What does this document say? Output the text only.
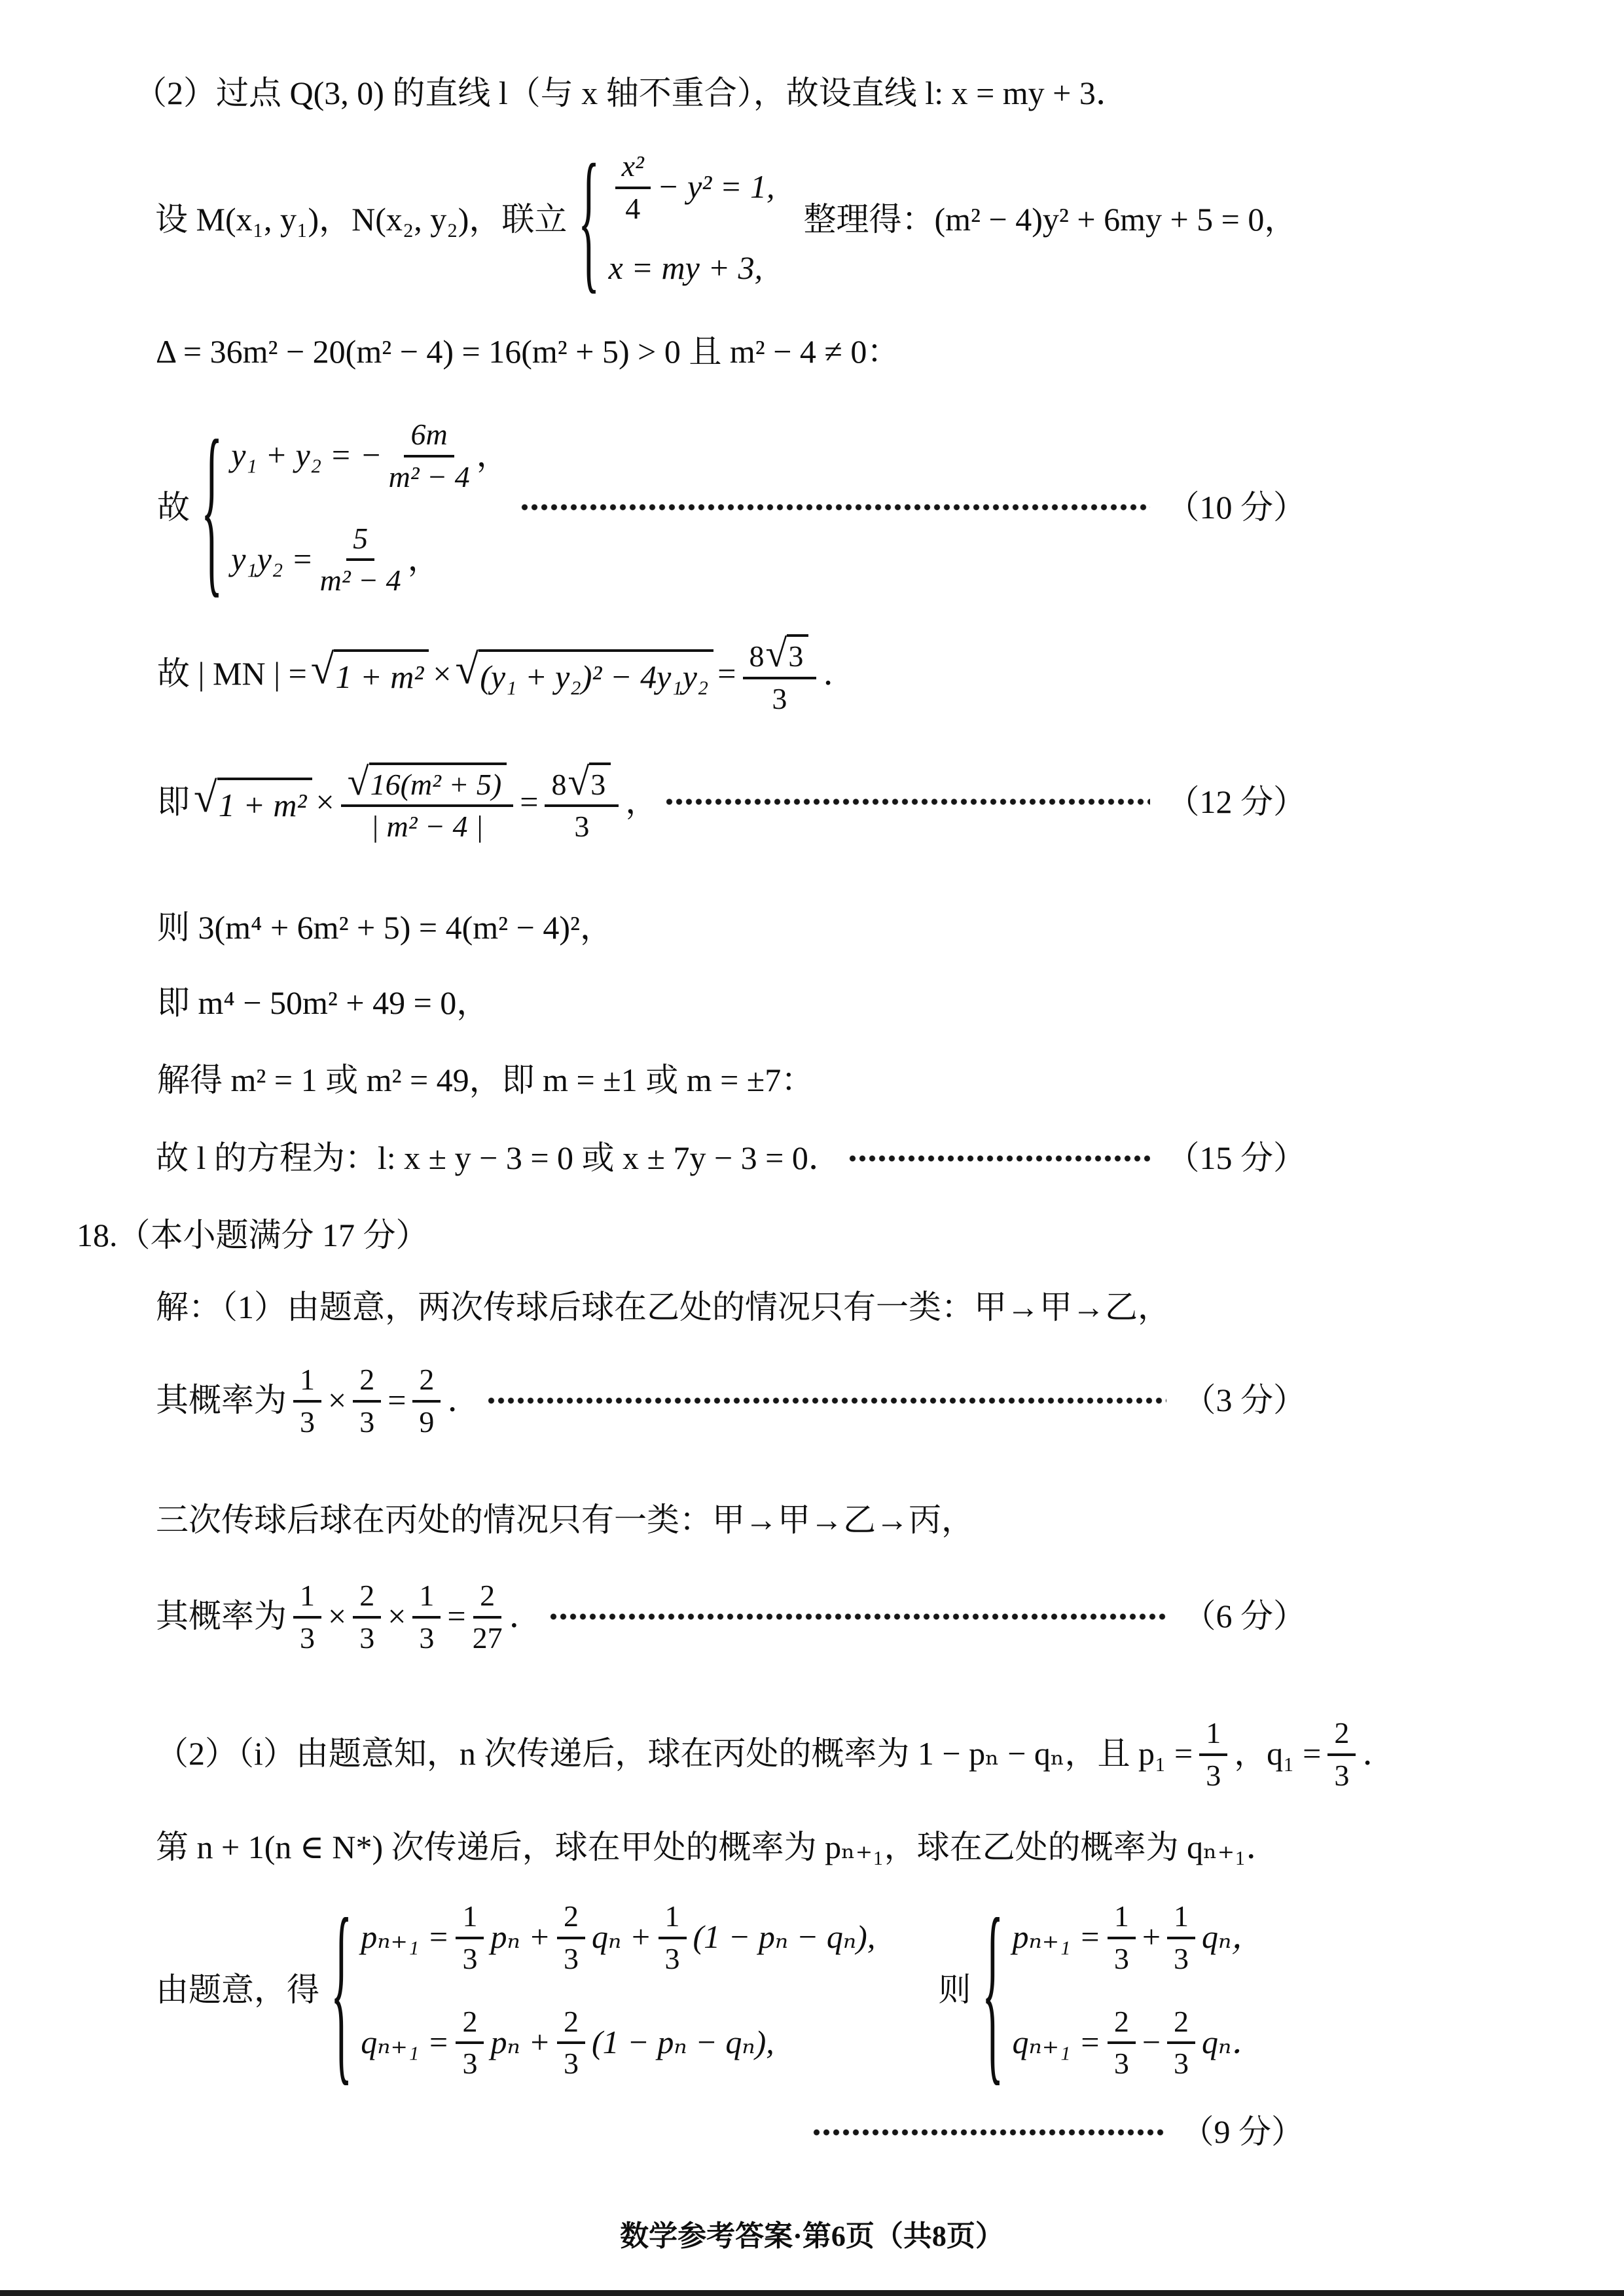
（2）过点 Q(3, 0) 的直线 l（与 x 轴不重合），故设直线 l: x = my + 3．
设 M(x₁, y₁)，N(x₂, y₂)，联立 { $\frac{\text{x²}}{4} - y^2 = 1$,
x = my + 3,
整理得：(m² − 4)y² + 6my + 5 = 0，
Δ = 36m² − 20(m² − 4) = 16(m² + 5) > 0 且 m² − 4 ≠ 0：
故 { y₁ + y₂ = − $\frac{6m}{\text{m² − 4}}$ ，
$y_1y_2 = \frac{5}{\text{m² − 4}}$ ，
（10 分）
故 | MN | = √ 1 + m² × √ $(y_1 + y_2)^2 - 4y_1y_2 = \frac{8 √ 3}{3}$ ．
即 √ $1 + m^2 \times \frac{\text{√ 16(m² + 5)}}{\text{| m² − 4 |}} = \frac{8 √ 3}{3}$ ，	（12 分）
则 3(m⁴ + 6m² + 5) = 4(m² − 4)²，
即 m⁴ − 50m² + 49 = 0，
解得 m² = 1 或 m² = 49，即 m = ±1 或 m = ±7：
故 l 的方程为：l: x ± y − 3 = 0 或 x ± 7y − 3 = 0．	（15 分）
18.（本小题满分 17 分）
解：（1）由题意，两次传球后球在乙处的情况只有一类：甲→甲→乙，
其概率为 $\frac{1}{3} \times \frac{2}{3} = \frac{2}{9}$ ．	（3 分）
三次传球后球在丙处的情况只有一类：甲→甲→乙→丙，
其概率为 $\frac{1}{3} \times \frac{2}{3} \times \frac{1}{3} = \frac{2}{27}$ ．	（6 分）
（2）（i）由题意知，n 次传递后，球在丙处的概率为 1 − pₙ − qₙ，且 $p_1 = \frac{1}{3}$ ，$q_1 = \frac{2}{3}$ ．
第 n + 1(n ∈ N*) 次传递后，球在甲处的概率为 pₙ₊₁，球在乙处的概率为 qₙ₊₁．
由题意，得 { $p_{n+1} = \frac{1}{3}$ $p_n + \frac{2}{3}$ $q_n + \frac{1}{3} (1 - p_n - q_n)$,
$q_{n+1} = \frac{2}{3}$ $p_n + \frac{2}{3} (1 - p_n - q_n)$,
则 { $p_{n+1} = \frac{1}{3} + \frac{1}{3}$ qₙ，
$q_{n+1} = \frac{2}{3} - \frac{2}{3}$ qₙ．
（9 分）
数学参考答案·第6页（共8页）
